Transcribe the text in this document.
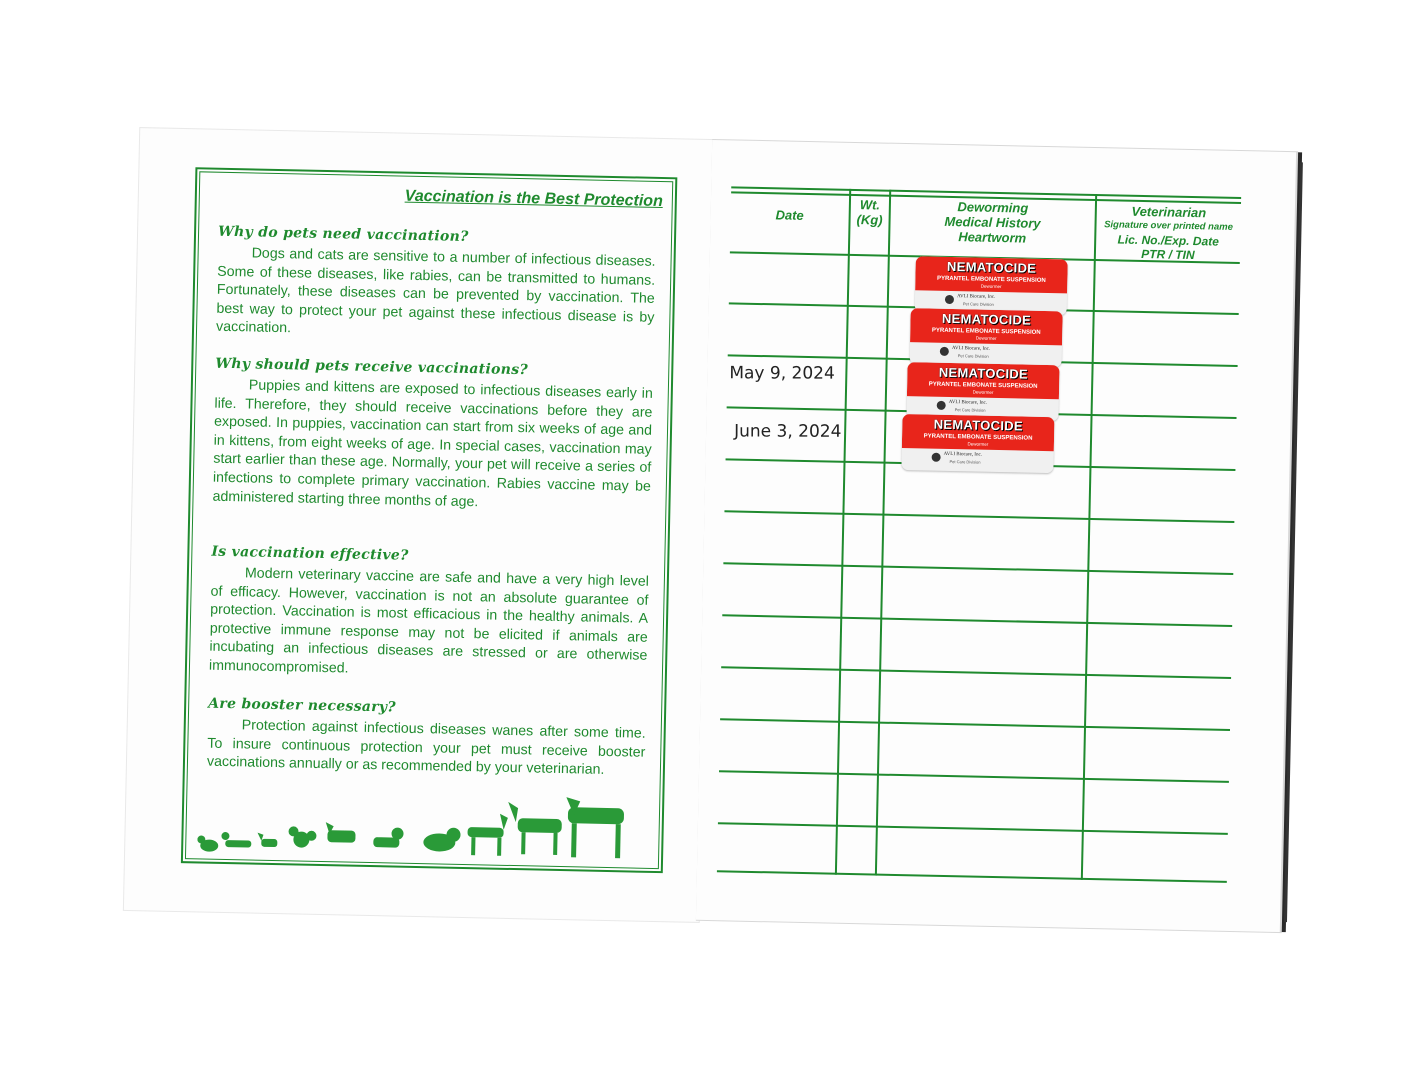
Vaccination is the Best Protection
Why do pets need vaccination?
Dogs and cats are sensitive to a number of infectious diseases. Some of these diseases, like rabies, can be transmitted to humans. Fortunately, these diseases can be prevented by vaccination. The best way to protect your pet against these infectious disease is by vaccination.
Why should pets receive vaccinations?
Puppies and kittens are exposed to infectious diseases early in life. Therefore, they should receive vaccinations before they are exposed. In puppies, vaccination can start from six weeks of age and in kittens, from eight weeks of age. In special cases, vaccination may start earlier than these age. Normally, your pet will receive a series of infections to complete primary vaccination. Rabies vaccine may be administered starting three months of age.
Is vaccination effective?
Modern veterinary vaccine are safe and have a very high level of efficacy. However, vaccination is not an absolute guarantee of protection. Vaccination is most efficacious in the healthy animals. A protective immune response may not be elicited if animals are incubating an infectious diseases are stressed or are otherwise immunocompromised.
Are booster necessary?
Protection against infectious diseases wanes after some time. To insure continuous protection your pet must receive booster vaccinations annually or as recommended by your veterinarian.
Date
Wt.
(Kg)
Deworming
Medical History
Heartworm
Veterinarian
Signature over printed name
Lic. No./Exp. Date
PTR / TIN
May 9, 2024
June 3, 2024
NEMATOCIDE
PYRANTEL EMBONATE SUSPENSION
Dewormer
AVLI Biocare, Inc.
Pet Care Division
NEMATOCIDE
PYRANTEL EMBONATE SUSPENSION
Dewormer
AVLI Biocare, Inc.
Pet Care Division
NEMATOCIDE
PYRANTEL EMBONATE SUSPENSION
Dewormer
AVLI Biocare, Inc.
Pet Care Division
NEMATOCIDE
PYRANTEL EMBONATE SUSPENSION
Dewormer
AVLI Biocare, Inc.
Pet Care Division
